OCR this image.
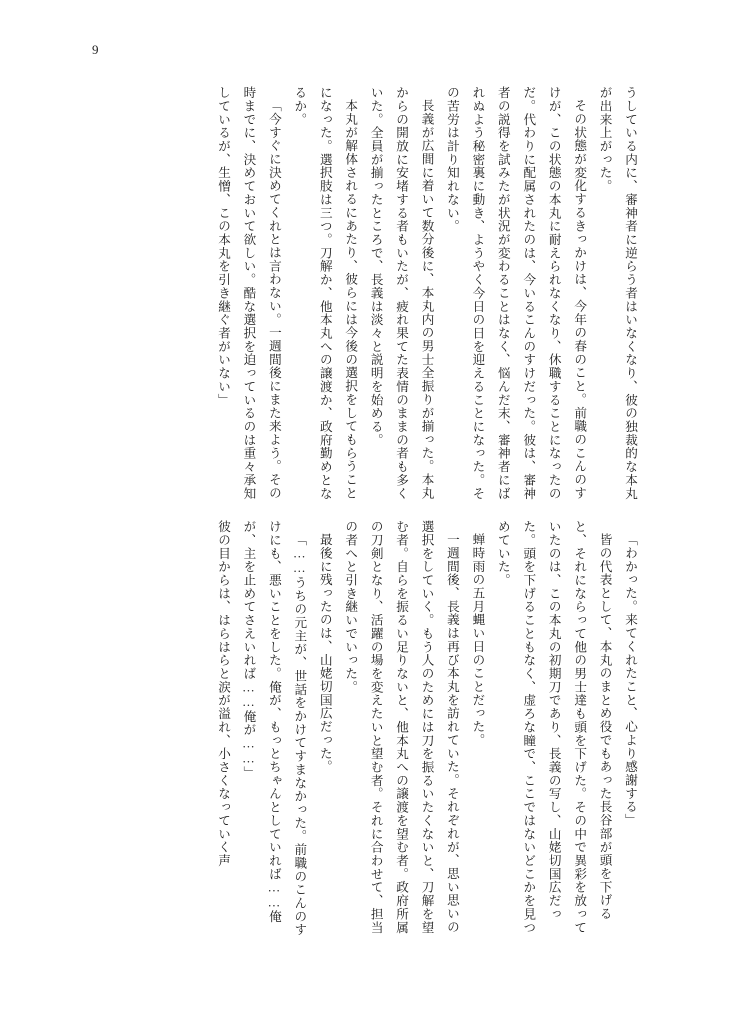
9

うしている内に、審神者に逆らう者はいなくなり、彼の独裁的な本丸が出来上がった。

その状態が変化するきっかけは、今年の春のこと。前職のこんのすけが、この状態の本丸に耐えられなくなり、休職することになったのだ。代わりに配属されたのは、今いるこんのすけだった。彼は、審神者の説得を試みたが状況が変わることはなく、悩んだ末、審神者にばれぬよう秘密裏に動き、ようやく今日の日を迎えることになった。その苦労は計り知れない。

長義が広間に着いて数分後に、本丸内の男士全振りが揃った。本丸からの開放に安堵する者もいたが、疲れ果てた表情のままの者も多くいた。全員が揃ったところで、長義は淡々と説明を始める。

本丸が解体されるにあたり、彼らには今後の選択をしてもらうことになった。選択肢は三つ。刀解か、他本丸への譲渡か、政府勤めとなるか。

「今すぐに決めてくれとは言わない。一週間後にまた来よう。その時までに、決めておいて欲しい。酷な選択を迫っているのは重々承知しているが、生憎、この本丸を引き継ぐ者がいない」

「わかった。来てくれたこと、心より感謝する」

皆の代表として、本丸のまとめ役でもあった長谷部が頭を下げると、それにならって他の男士達も頭を下げた。その中で異彩を放っていたのは、この本丸の初期刀であり、長義の写し、山姥切国広だった。頭を下げることもなく、虚ろな瞳で、ここではないどこかを見つめていた。

蝉時雨の五月蝿い日のことだった。

一週間後、長義は再び本丸を訪れていた。それぞれが、思い思いの選択をしていく。もう人のためには刀を振るいたくないと、刀解を望む者。自らを振るい足りないと、他本丸への譲渡を望む者。政府所属の刀剣となり、活躍の場を変えたいと望む者。それに合わせて、担当の者へと引き継いでいった。

最後に残ったのは、山姥切国広だった。

「……うちの元主が、世話をかけてすまなかった。前職のこんのすけにも、悪いことをした。俺が、もっとちゃんとしていれば……俺が、主を止めてさえいれば……俺が……」

彼の目からは、はらはらと涙が溢れ、小さくなっていく声
